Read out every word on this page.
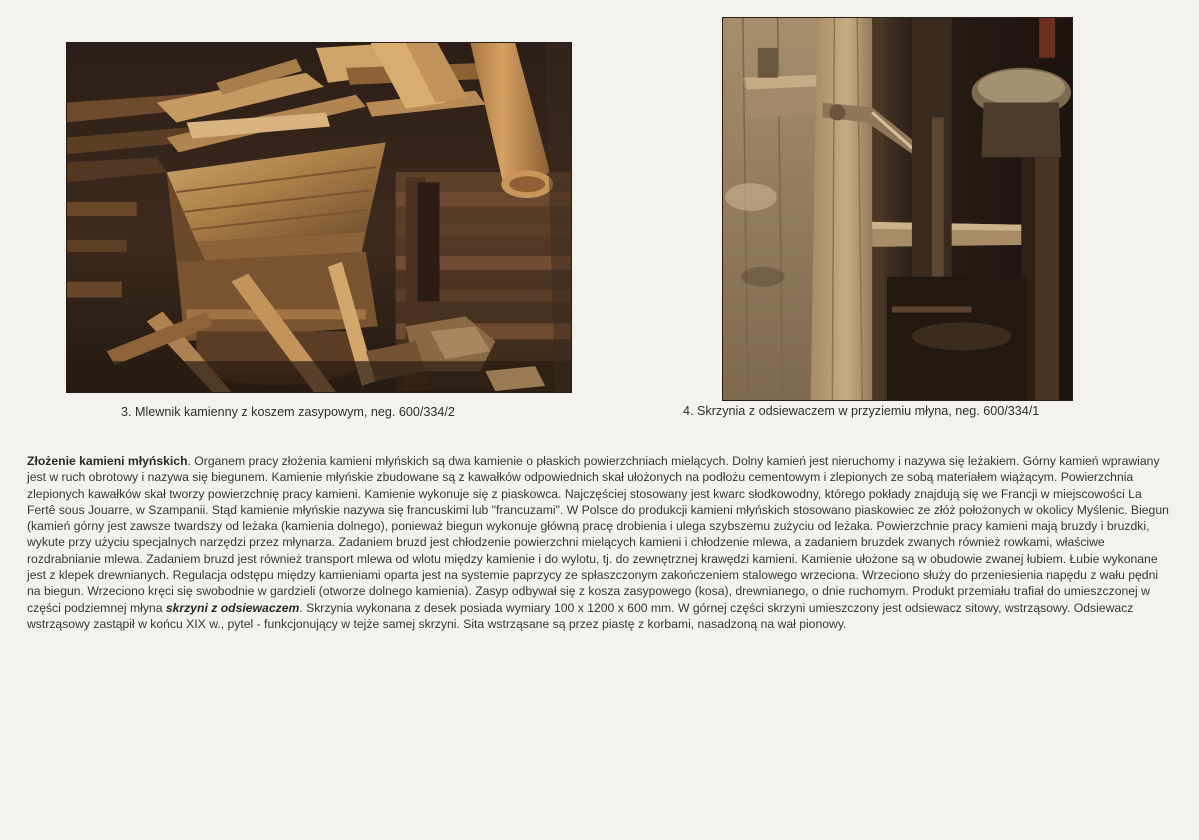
3. Mlewnik kamienny z koszem zasypowym, neg. 600/334/2	4. Skrzynia z odsiewaczem w przyziemiu młyna, neg. 600/334/1
Złożenie kamieni młyńskich. Organem pracy złożenia kamieni młyńskich są dwa kamienie o płaskich powierzchniach mielących. Dolny kamień jest nieruchomy i nazywa się leżakiem. Górny kamień wprawiany jest w ruch obrotowy i nazywa się biegunem. Kamienie młyńskie zbudowane są z kawałków odpowiednich skał ułożonych na podłożu cementowym i zlepionych ze sobą materiałem wiążącym. Powierzchnia zlepionych kawałków skał tworzy powierzchnię pracy kamieni. Kamienie wykonuje się z piaskowca. Najczęściej stosowany jest kwarc słodkowodny, którego pokłady znajdują się we Francji w miejscowości La Fertê sous Jouarre, w Szampanii. Stąd kamienie młyńskie nazywa się francuskimi lub "francuzami". W Polsce do produkcji kamieni młyńskich stosowano piaskowiec ze złóż położonych w okolicy Myślenic. Biegun (kamień górny jest zawsze twardszy od leżaka (kamienia dolnego), ponieważ biegun wykonuje główną pracę drobienia i ulega szybszemu zużyciu od leżaka. Powierzchnie pracy kamieni mają bruzdy i bruzdki, wykute przy użyciu specjalnych narzędzi przez młynarza. Zadaniem bruzd jest chłodzenie powierzchni mielących kamieni i chłodzenie mlewa, a zadaniem bruzdek zwanych również rowkami, właściwe rozdrabnianie mlewa. Zadaniem bruzd jest również transport mlewa od wlotu między kamienie i do wylotu, tj. do zewnętrznej krawędzi kamieni. Kamienie ułożone są w obudowie zwanej łubiem. Łubie wykonane jest z klepek drewnianych. Regulacja odstępu między kamieniami oparta jest na systemie paprzycy ze spłaszczonym zakończeniem stalowego wrzeciona. Wrzeciono służy do przeniesienia napędu z wału pędni na biegun. Wrzeciono kręci się swobodnie w gardzieli (otworze dolnego kamienia). Zasyp odbywał się z kosza zasypowego (kosa), drewnianego, o dnie ruchomym. Produkt przemiału trafiał do umieszczonej w części podziemnej młyna skrzyni z odsiewaczem. Skrzynia wykonana z desek posiada wymiary 100 x 1200 x 600 mm. W górnej części skrzyni umieszczony jest odsiewacz sitowy, wstrząsowy. Odsiewacz wstrząsowy zastąpił w końcu XIX w., pytel - funkcjonujący w tejże samej skrzyni. Sita wstrząsane są przez piastę z korbami, nasadzoną na wał pionowy.
